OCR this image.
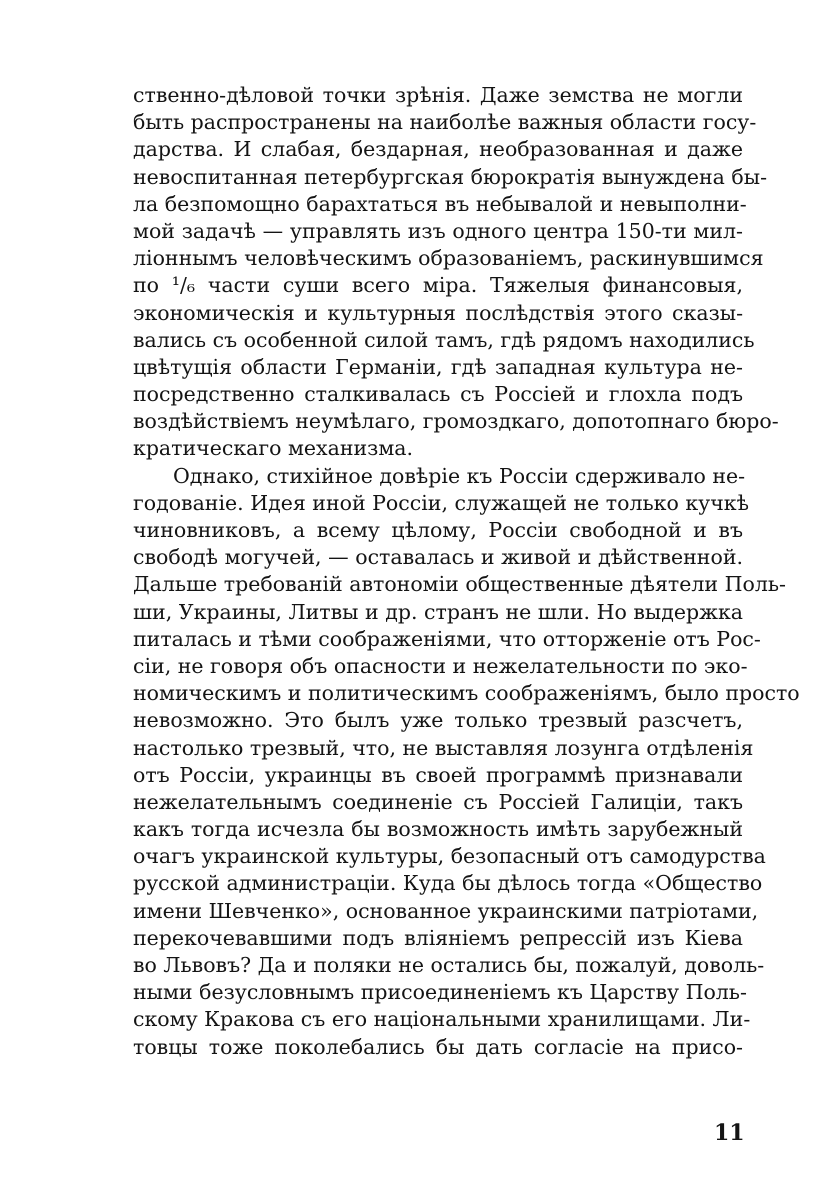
ственно-дѣловой точки зрѣнія. Даже земства не могли
быть распространены на наиболѣе важныя области госу-
дарства. И слабая, бездарная, необразованная и даже
невоспитанная петербургская бюрократія вынуждена бы-
ла безпомощно барахтаться въ небывалой и невыполни-
мой задачѣ — управлять изъ одного центра 150-ти мил-
ліоннымъ человѣческимъ образованіемъ, раскинувшимся
по ¹/₆ части суши всего міра. Тяжелыя финансовыя,
экономическія и культурныя послѣдствія этого сказы-
вались съ особенной силой тамъ, гдѣ рядомъ находились
цвѣтущія области Германіи, гдѣ западная культура не-
посредственно сталкивалась съ Россіей и глохла подъ
воздѣйствіемъ неумѣлаго, громоздкаго, допотопнаго бюро-
кратическаго механизма.
Однако, стихійное довѣріе къ Россіи сдерживало не-
годованіе. Идея иной Россіи, служащей не только кучкѣ
чиновниковъ, а всему цѣлому, Россіи свободной и въ
свободѣ могучей, — оставалась и живой и дѣйственной.
Дальше требованій автономіи общественные дѣятели Поль-
ши, Украины, Литвы и др. странъ не шли. Но выдержка
питалась и тѣми соображеніями, что отторженіе отъ Рос-
сіи, не говоря объ опасности и нежелательности по эко-
номическимъ и политическимъ соображеніямъ, было просто
невозможно. Это былъ уже только трезвый разсчетъ,
настолько трезвый, что, не выставляя лозунга отдѣленія
отъ Россіи, украинцы въ своей программѣ признавали
нежелательнымъ соединеніе съ Россіей Галиціи, такъ
какъ тогда исчезла бы возможность имѣть зарубежный
очагъ украинской культуры, безопасный отъ самодурства
русской администраціи. Куда бы дѣлось тогда «Общество
имени Шевченко», основанное украинскими патріотами,
перекочевавшими подъ вліяніемъ репрессій изъ Кіева
во Львовъ? Да и поляки не остались бы, пожалуй, доволь-
ными безусловнымъ присоединеніемъ къ Царству Поль-
скому Кракова съ его національными хранилищами. Ли-
товцы тоже поколебались бы дать согласіе на присо-
11
